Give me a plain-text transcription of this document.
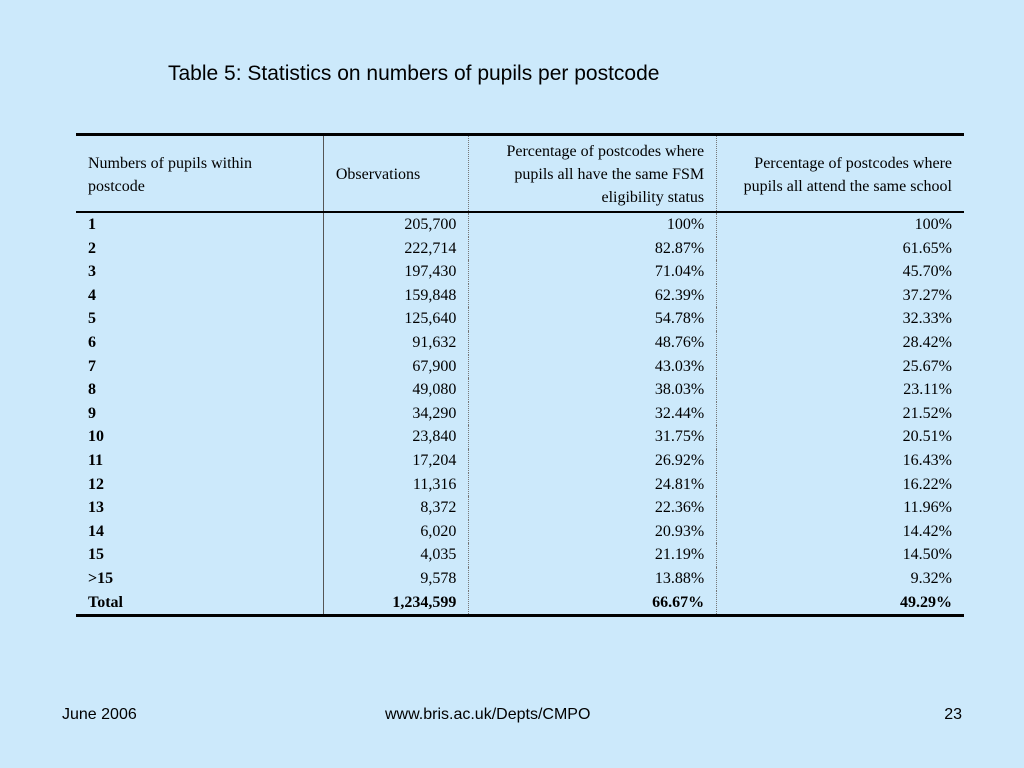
Table 5: Statistics on numbers of pupils per postcode
Numbers of pupils within postcode	Observations	Percentage of postcodes where pupils all have the same FSM eligibility status	Percentage of postcodes where pupils all attend the same school
1	205,700	100%	100%
2	222,714	82.87%	61.65%
3	197,430	71.04%	45.70%
4	159,848	62.39%	37.27%
5	125,640	54.78%	32.33%
6	91,632	48.76%	28.42%
7	67,900	43.03%	25.67%
8	49,080	38.03%	23.11%
9	34,290	32.44%	21.52%
10	23,840	31.75%	20.51%
11	17,204	26.92%	16.43%
12	11,316	24.81%	16.22%
13	8,372	22.36%	11.96%
14	6,020	20.93%	14.42%
15	4,035	21.19%	14.50%
>15	9,578	13.88%	9.32%
Total	1,234,599	66.67%	49.29%
June 2006	www.bris.ac.uk/Depts/CMPO	23
